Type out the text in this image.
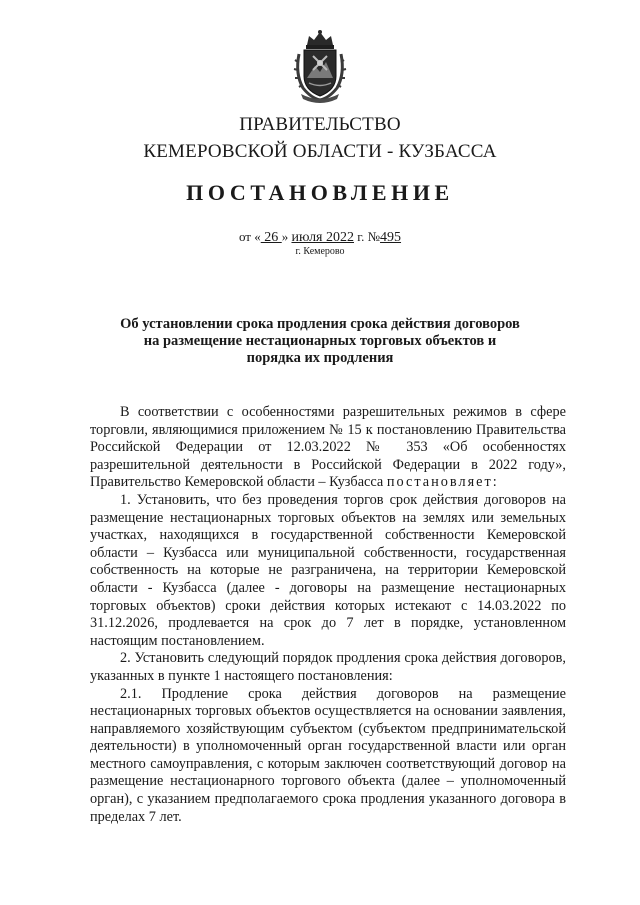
ПРАВИТЕЛЬСТВО
КЕМЕРОВСКОЙ ОБЛАСТИ - КУЗБАССА
ПОСТАНОВЛЕНИЕ
от « 26 » июля 2022 г. №495
г. Кемерово
Об установлении срока продления срока действия договоров на размещение нестационарных торговых объектов и порядка их продления

В соответствии с особенностями разрешительных режимов в сфере торговли, являющимися приложением № 15 к постановлению Правительства Российской Федерации от 12.03.2022 № 353 «Об особенностях разрешительной деятельности в Российской Федерации в 2022 году», Правительство Кемеровской области – Кузбасса постановляет:

1. Установить, что без проведения торгов срок действия договоров на размещение нестационарных торговых объектов на землях или земельных участках, находящихся в государственной собственности Кемеровской области – Кузбасса или муниципальной собственности, государственная собственность на которые не разграничена, на территории Кемеровской области - Кузбасса (далее - договоры на размещение нестационарных торговых объектов) сроки действия которых истекают с 14.03.2022 по 31.12.2026, продлевается на срок до 7 лет в порядке, установленном настоящим постановлением.

2. Установить следующий порядок продления срока действия договоров, указанных в пункте 1 настоящего постановления:

2.1. Продление срока действия договоров на размещение нестационарных торговых объектов осуществляется на основании заявления, направляемого хозяйствующим субъектом (субъектом предпринимательской деятельности) в уполномоченный орган государственной власти или орган местного самоуправления, с которым заключен соответствующий договор на размещение нестационарного торгового объекта (далее – уполномоченный орган), с указанием предполагаемого срока продления указанного договора в пределах 7 лет.
